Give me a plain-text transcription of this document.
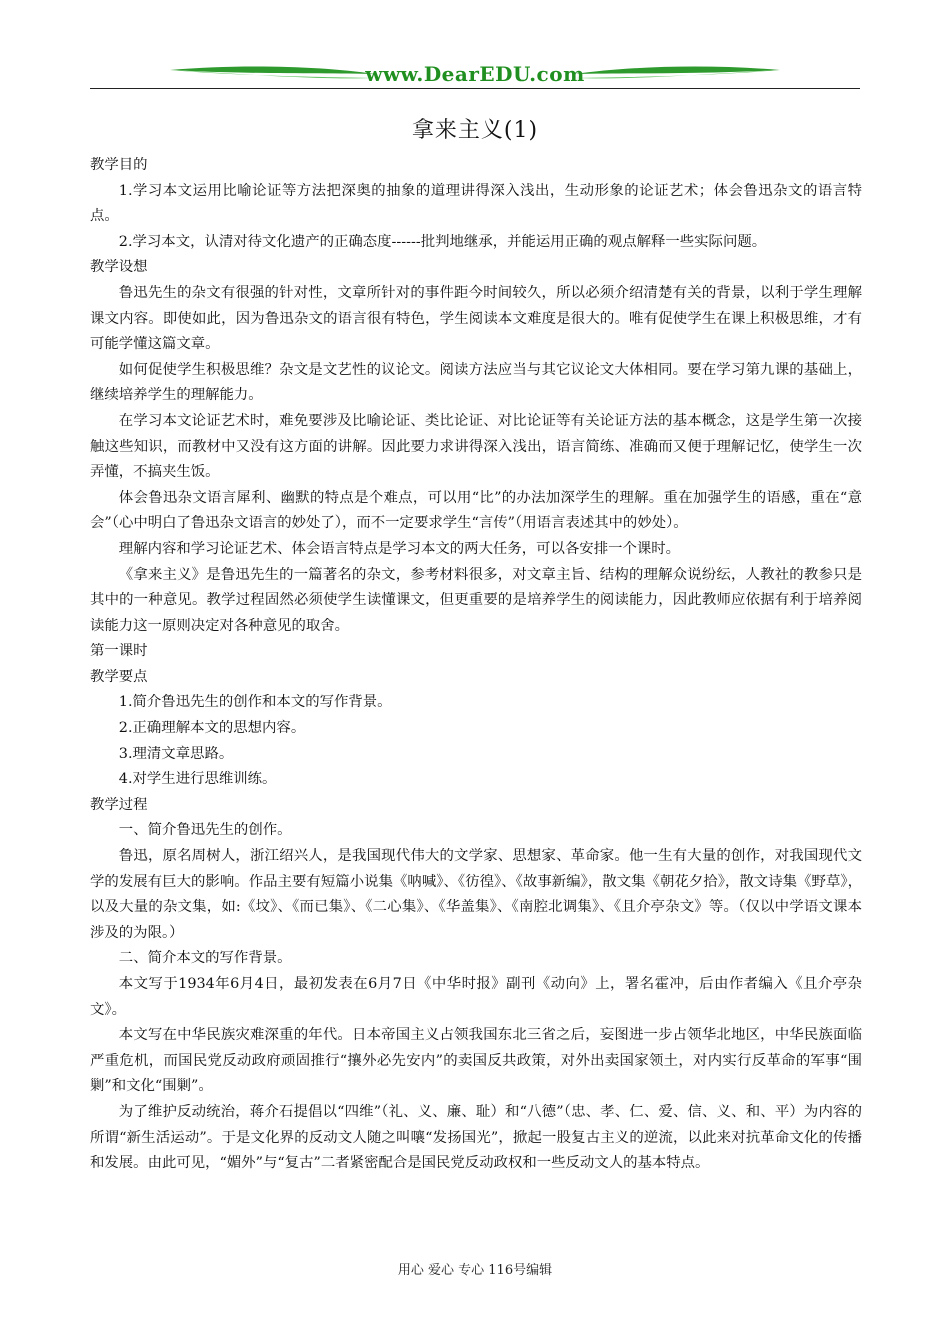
www.DearEDU.com
拿来主义(1)

教学目的

1.学习本文运用比喻论证等方法把深奥的抽象的道理讲得深入浅出，生动形象的论证艺术；体会鲁迅杂文的语言特点。

2.学习本文，认清对待文化遗产的正确态度------批判地继承，并能运用正确的观点解释一些实际问题。

教学设想

鲁迅先生的杂文有很强的针对性，文章所针对的事件距今时间较久，所以必须介绍清楚有关的背景，以利于学生理解课文内容。即使如此，因为鲁迅杂文的语言很有特色，学生阅读本文难度是很大的。唯有促使学生在课上积极思维，才有可能学懂这篇文章。

如何促使学生积极思维？杂文是文艺性的议论文。阅读方法应当与其它议论文大体相同。要在学习第九课的基础上，继续培养学生的理解能力。

在学习本文论证艺术时，难免要涉及比喻论证、类比论证、对比论证等有关论证方法的基本概念，这是学生第一次接触这些知识，而教材中又没有这方面的讲解。因此要力求讲得深入浅出，语言简练、准确而又便于理解记忆，使学生一次弄懂，不搞夹生饭。

体会鲁迅杂文语言犀利、幽默的特点是个难点，可以用“比”的办法加深学生的理解。重在加强学生的语感，重在“意会”（心中明白了鲁迅杂文语言的妙处了），而不一定要求学生“言传”（用语言表述其中的妙处）。

理解内容和学习论证艺术、体会语言特点是学习本文的两大任务，可以各安排一个课时。

《拿来主义》是鲁迅先生的一篇著名的杂文，参考材料很多，对文章主旨、结构的理解众说纷纭，人教社的教参只是其中的一种意见。教学过程固然必须使学生读懂课文，但更重要的是培养学生的阅读能力，因此教师应依据有利于培养阅读能力这一原则决定对各种意见的取舍。

第一课时

教学要点

1.简介鲁迅先生的创作和本文的写作背景。

2.正确理解本文的思想内容。

3.理清文章思路。

4.对学生进行思维训练。

教学过程

一、简介鲁迅先生的创作。

鲁迅，原名周树人，浙江绍兴人，是我国现代伟大的文学家、思想家、革命家。他一生有大量的创作，对我国现代文学的发展有巨大的影响。作品主要有短篇小说集《呐喊》、《彷徨》、《故事新编》，散文集《朝花夕拾》，散文诗集《野草》，以及大量的杂文集，如:《坟》、《而已集》、《二心集》、《华盖集》、《南腔北调集》、《且介亭杂文》等。（仅以中学语文课本涉及的为限。）

二、简介本文的写作背景。

本文写于1934年6月4日，最初发表在6月7日《中华时报》副刊《动向》上，署名霍冲，后由作者编入《且介亭杂文》。

本文写在中华民族灾难深重的年代。日本帝国主义占领我国东北三省之后，妄图进一步占领华北地区，中华民族面临严重危机，而国民党反动政府顽固推行“攘外必先安内”的卖国反共政策，对外出卖国家领土，对内实行反革命的军事“围剿”和文化“围剿”。

为了维护反动统治，蒋介石提倡以“四维”（礼、义、廉、耻）和“八德”（忠、孝、仁、爱、信、义、和、平）为内容的所谓“新生活运动”。于是文化界的反动文人随之叫嚷“发扬国光”，掀起一股复古主义的逆流，以此来对抗革命文化的传播和发展。由此可见，“媚外”与“复古”二者紧密配合是国民党反动政权和一些反动文人的基本特点。

用心 爱心 专心 116号编辑
